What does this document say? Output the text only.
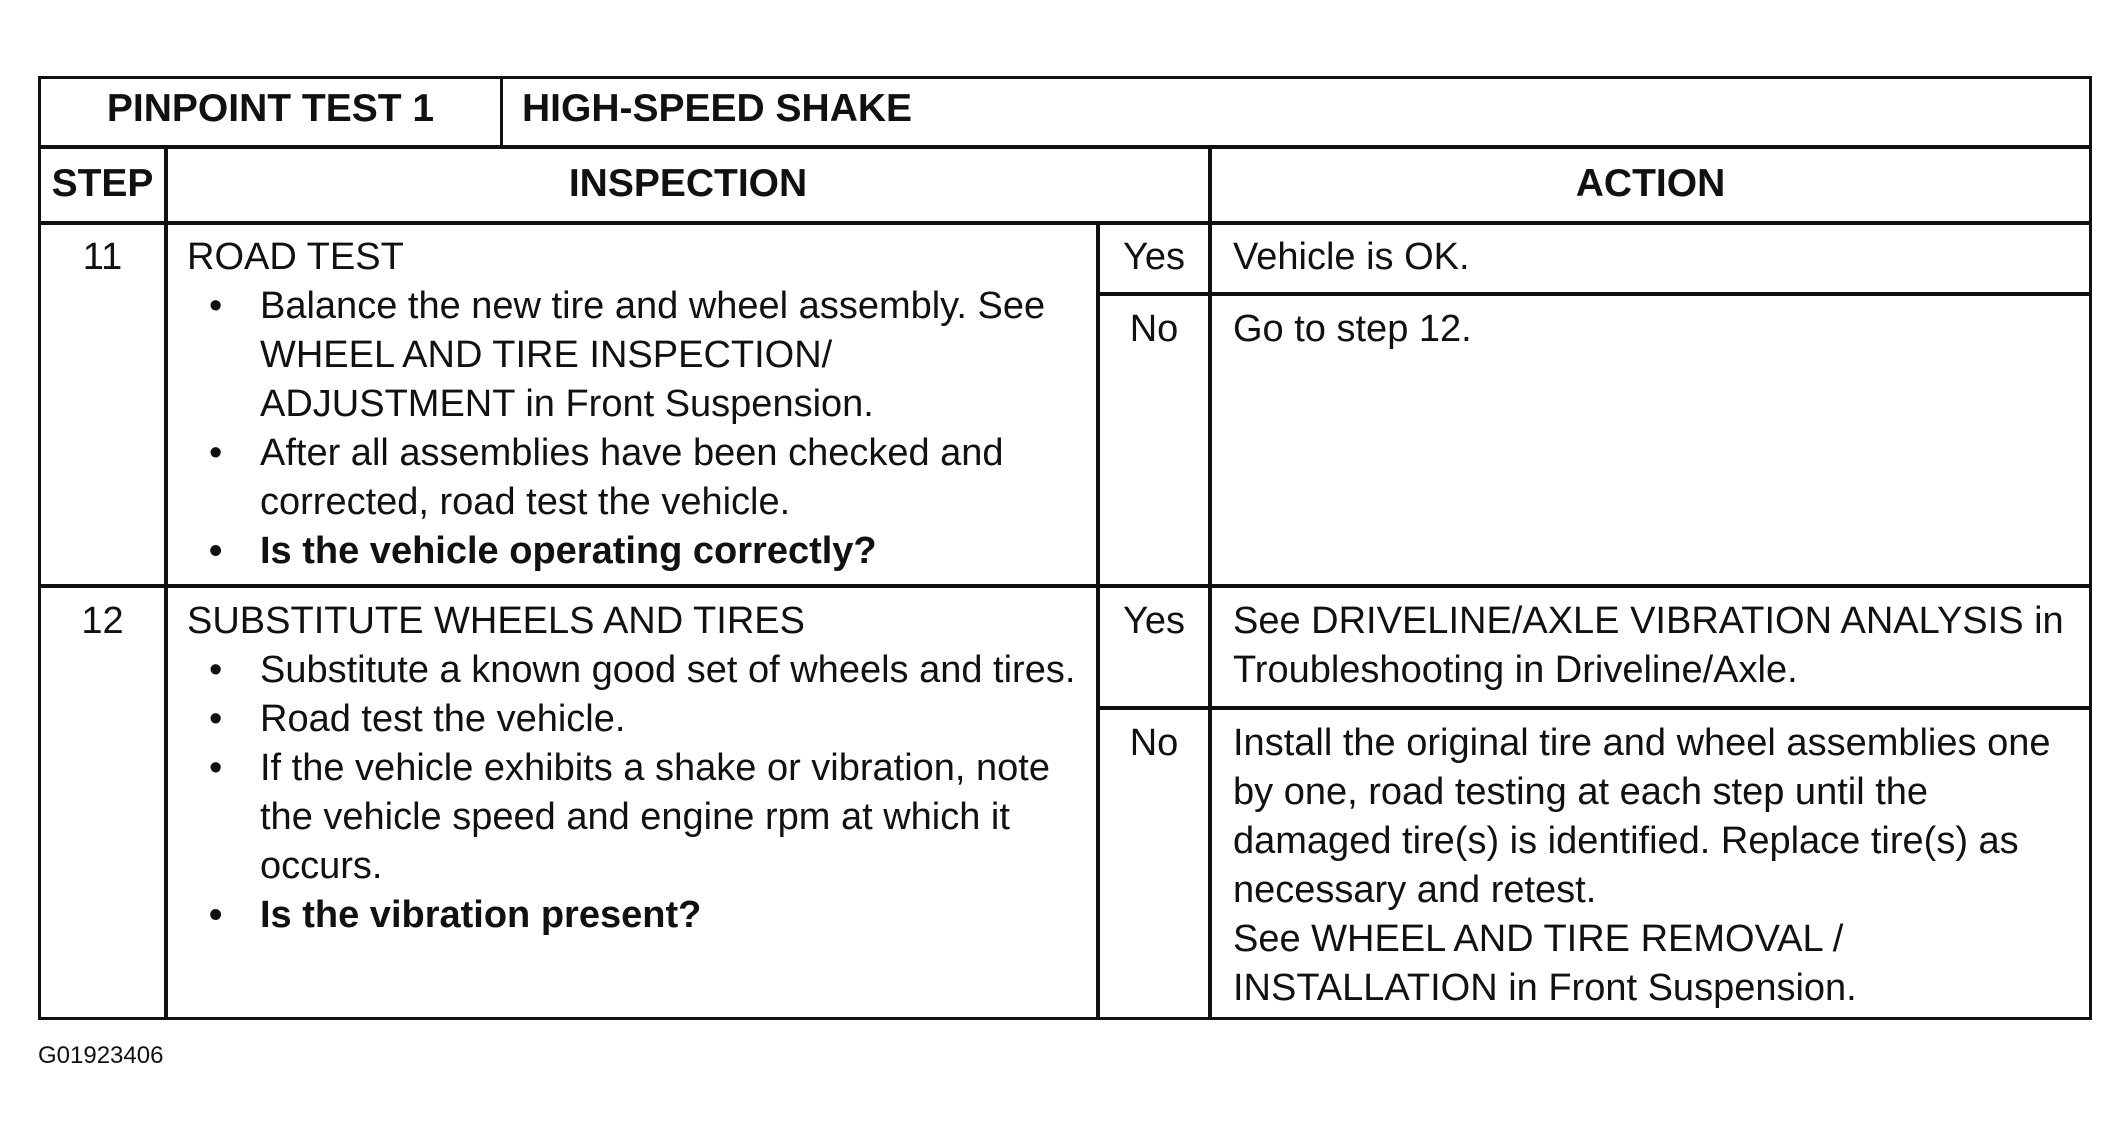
PINPOINT TEST 1	HIGH-SPEED SHAKE
STEP	INSPECTION	ACTION
11	ROAD TEST
• Balance the new tire and wheel assembly. See WHEEL AND TIRE INSPECTION/ ADJUSTMENT in Front Suspension.
• After all assemblies have been checked and corrected, road test the vehicle.
• Is the vehicle operating correctly?
Yes	Vehicle is OK.
No	Go to step 12.
12	SUBSTITUTE WHEELS AND TIRES
• Substitute a known good set of wheels and tires.
• Road test the vehicle.
• If the vehicle exhibits a shake or vibration, note the vehicle speed and engine rpm at which it occurs.
• Is the vibration present?
Yes	See DRIVELINE/AXLE VIBRATION ANALYSIS in Troubleshooting in Driveline/Axle.
No	Install the original tire and wheel assemblies one by one, road testing at each step until the damaged tire(s) is identified. Replace tire(s) as necessary and retest.
See WHEEL AND TIRE REMOVAL / INSTALLATION in Front Suspension.
G01923406
